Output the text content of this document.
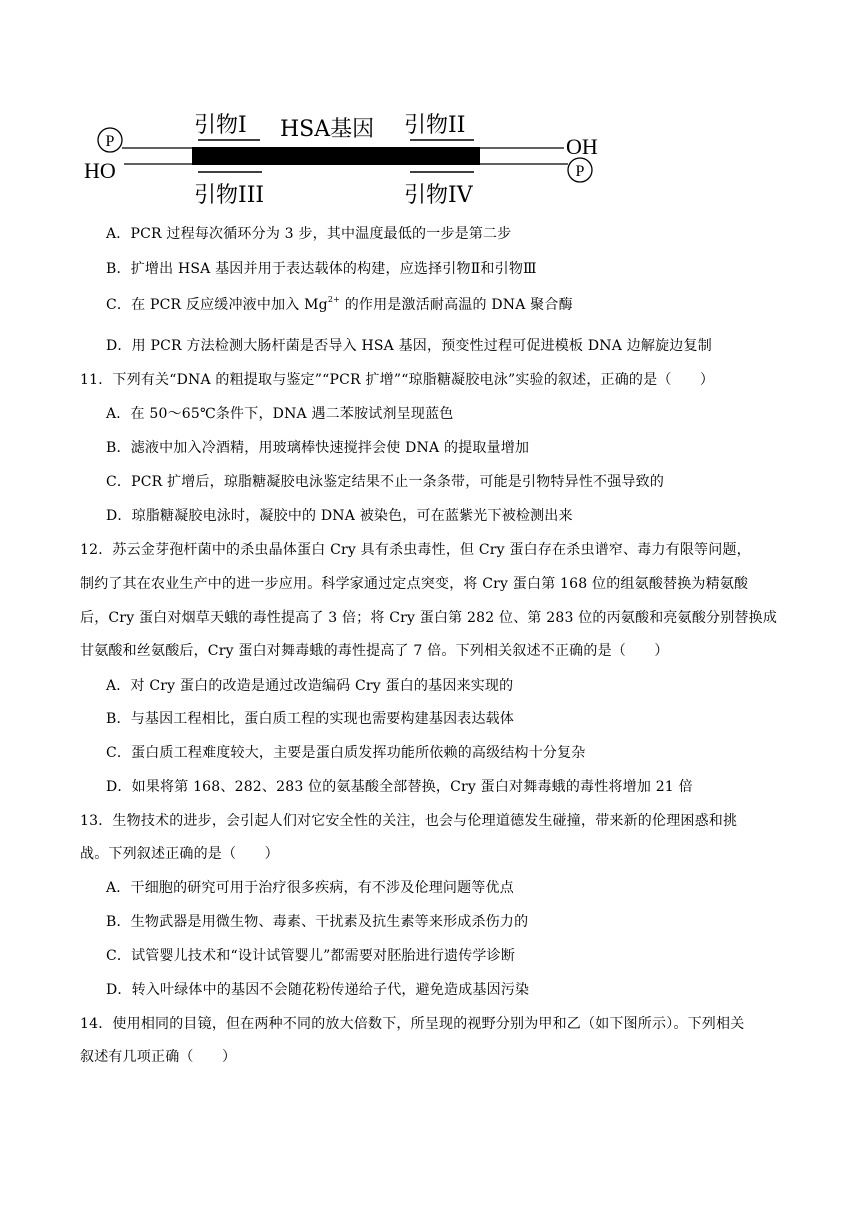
P
HO
OH
P
引物I HSA基因 引物II
引物III	引物IV
A．PCR 过程每次循环分为 3 步，其中温度最低的一步是第二步
B．扩增出 HSA 基因并用于表达载体的构建，应选择引物Ⅱ和引物Ⅲ
C．在 PCR 反应缓冲液中加入 $Mg^{2+}$ 的作用是激活耐高温的 DNA 聚合酶
D．用 PCR 方法检测大肠杆菌是否导入 HSA 基因，预变性过程可促进模板 DNA 边解旋边复制
11．下列有关“DNA 的粗提取与鉴定”“PCR 扩增”“琼脂糖凝胶电泳”实验的叙述，正确的是（　　）
A．在 50～65℃条件下，DNA 遇二苯胺试剂呈现蓝色
B．滤液中加入冷酒精，用玻璃棒快速搅拌会使 DNA 的提取量增加
C．PCR 扩增后，琼脂糖凝胶电泳鉴定结果不止一条条带，可能是引物特异性不强导致的
D．琼脂糖凝胶电泳时，凝胶中的 DNA 被染色，可在蓝紫光下被检测出来
12．苏云金芽孢杆菌中的杀虫晶体蛋白 Cry 具有杀虫毒性，但 Cry 蛋白存在杀虫谱窄、毒力有限等问题，
制约了其在农业生产中的进一步应用。科学家通过定点突变，将 Cry 蛋白第 168 位的组氨酸替换为精氨酸
后，Cry 蛋白对烟草天蛾的毒性提高了 3 倍；将 Cry 蛋白第 282 位、第 283 位的丙氨酸和亮氨酸分别替换成
甘氨酸和丝氨酸后，Cry 蛋白对舞毒蛾的毒性提高了 7 倍。下列相关叙述不正确的是（　　）
A．对 Cry 蛋白的改造是通过改造编码 Cry 蛋白的基因来实现的
B．与基因工程相比，蛋白质工程的实现也需要构建基因表达载体
C．蛋白质工程难度较大，主要是蛋白质发挥功能所依赖的高级结构十分复杂
D．如果将第 168、282、283 位的氨基酸全部替换，Cry 蛋白对舞毒蛾的毒性将增加 21 倍
13．生物技术的进步，会引起人们对它安全性的关注，也会与伦理道德发生碰撞，带来新的伦理困惑和挑
战。下列叙述正确的是（　　）
A．干细胞的研究可用于治疗很多疾病，有不涉及伦理问题等优点
B．生物武器是用微生物、毒素、干扰素及抗生素等来形成杀伤力的
C．试管婴儿技术和“设计试管婴儿”都需要对胚胎进行遗传学诊断
D．转入叶绿体中的基因不会随花粉传递给子代，避免造成基因污染
14．使用相同的目镜，但在两种不同的放大倍数下，所呈现的视野分别为甲和乙（如下图所示）。下列相关
叙述有几项正确（　　）
